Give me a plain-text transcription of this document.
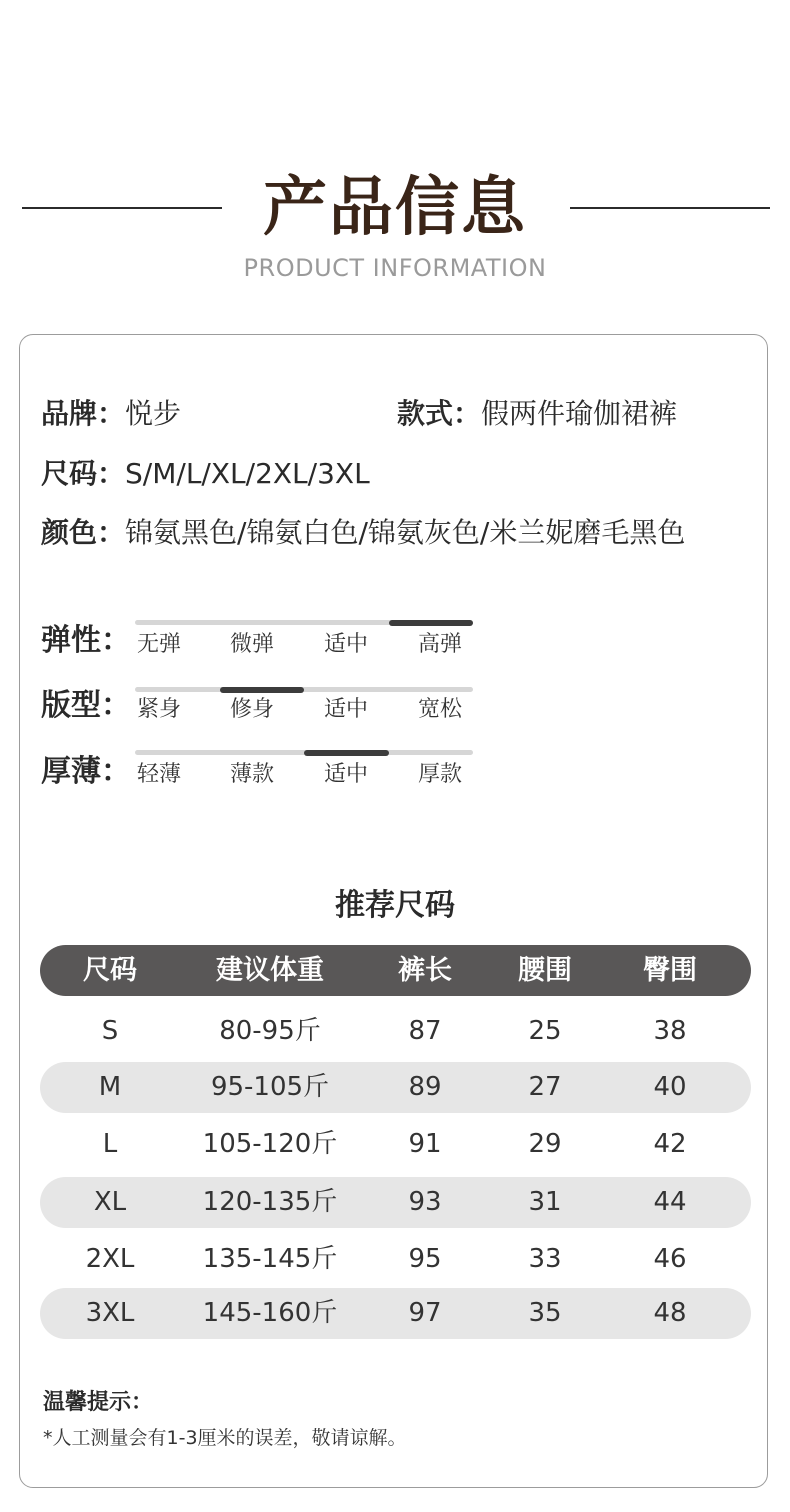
产品信息
PRODUCT INFORMATION
品牌：悦步	款式：假两件瑜伽裙裤
尺码：S/M/L/XL/2XL/3XL
颜色：锦氨黑色/锦氨白色/锦氨灰色/米兰妮磨毛黑色
弹性： 无弹	微弹	适中	高弹
版型： 紧身	修身	适中	宽松
厚薄： 轻薄	薄款	适中	厚款
推荐尺码
尺码	建议体重	裤长	腰围	臀围
S	80-95斤	87	25	38
M	95-105斤	89	27	40
L	105-120斤	91	29	42
XL	120-135斤	93	31	44
2XL	135-145斤	95	33	46
3XL	145-160斤	97	35	48
温馨提示：
*人工测量会有1-3厘米的误差，敬请谅解。
